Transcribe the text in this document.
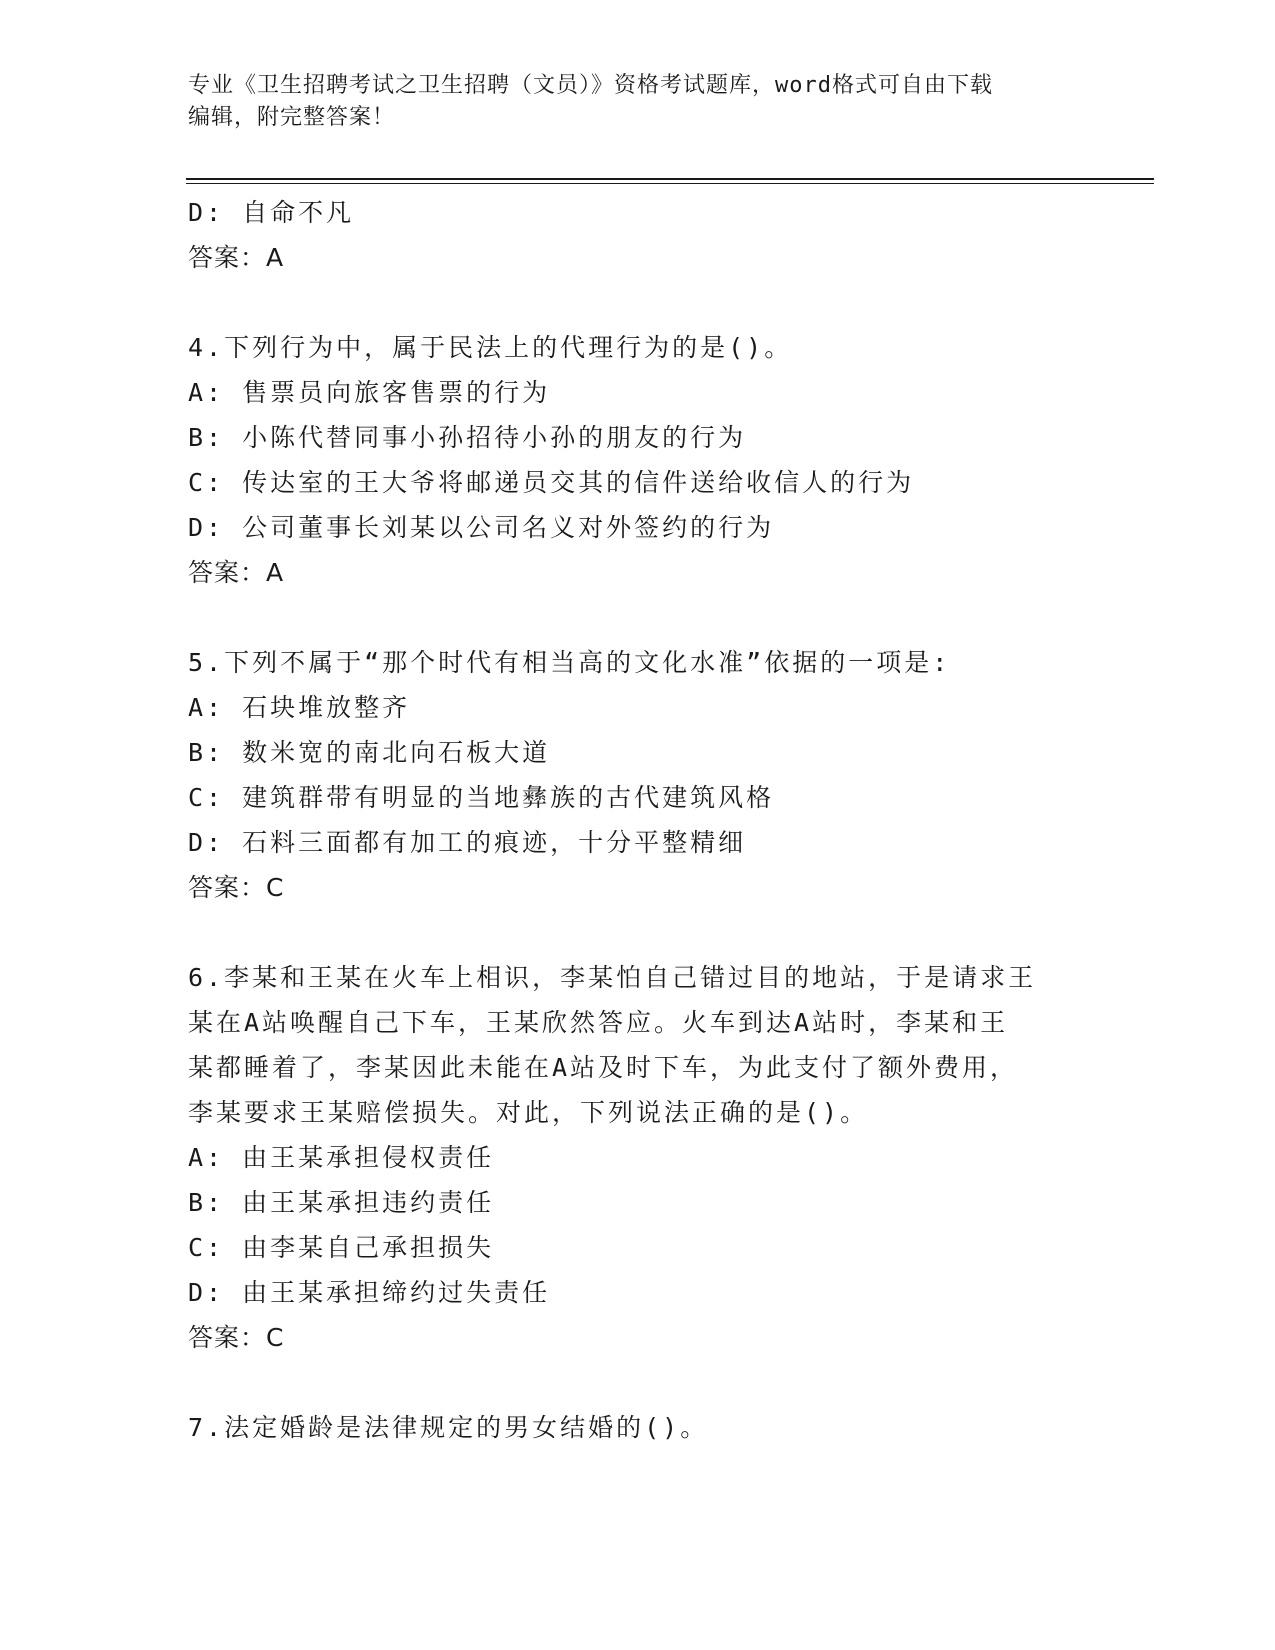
专业《卫生招聘考试之卫生招聘（文员）》资格考试题库，word格式可自由下载
编辑，附完整答案！
D: 自命不凡
答案：A
4.下列行为中，属于民法上的代理行为的是()。
A: 售票员向旅客售票的行为
B: 小陈代替同事小孙招待小孙的朋友的行为
C: 传达室的王大爷将邮递员交其的信件送给收信人的行为
D: 公司董事长刘某以公司名义对外签约的行为
答案：A
5.下列不属于“那个时代有相当高的文化水准”依据的一项是:
A: 石块堆放整齐
B: 数米宽的南北向石板大道
C: 建筑群带有明显的当地彝族的古代建筑风格
D: 石料三面都有加工的痕迹，十分平整精细
答案：C
6.李某和王某在火车上相识，李某怕自己错过目的地站，于是请求王
某在A站唤醒自己下车，王某欣然答应。火车到达A站时，李某和王
某都睡着了，李某因此未能在A站及时下车，为此支付了额外费用，
李某要求王某赔偿损失。对此，下列说法正确的是()。
A: 由王某承担侵权责任
B: 由王某承担违约责任
C: 由李某自己承担损失
D: 由王某承担缔约过失责任
答案：C
7.法定婚龄是法律规定的男女结婚的()。
